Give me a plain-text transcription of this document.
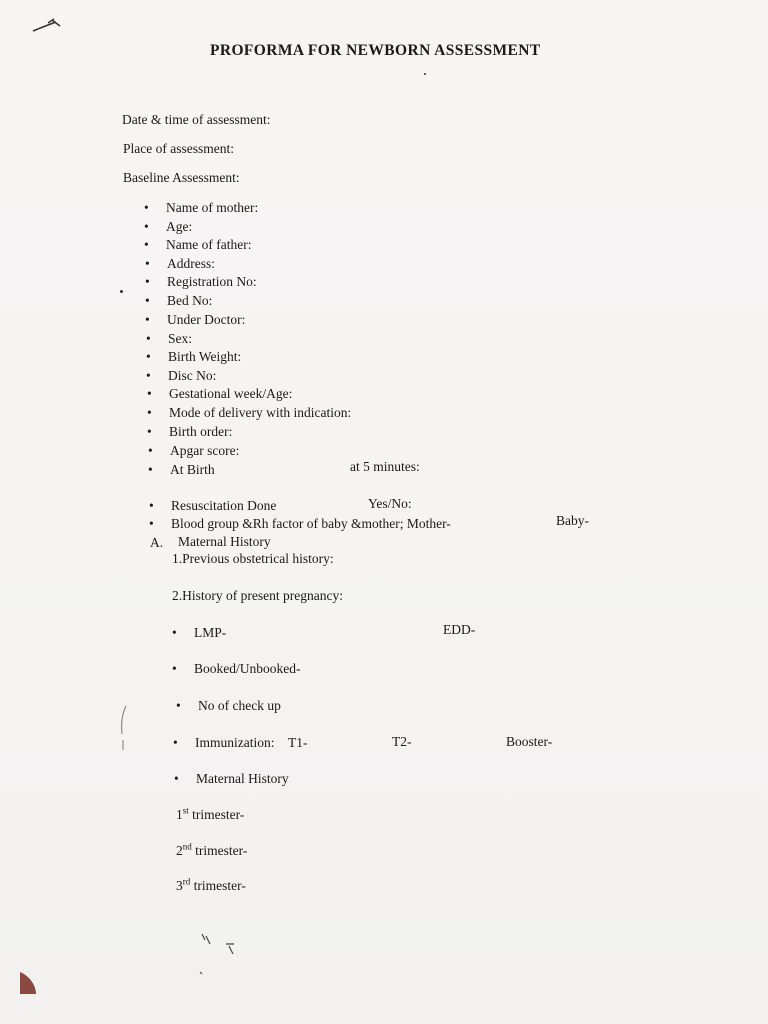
PROFORMA FOR NEWBORN ASSESSMENT
Date & time of assessment:
Place of assessment:
Baseline Assessment:
• Name of mother:
• Age:
• Name of father:
• Address:
• Registration No:
• Bed No:
• Under Doctor:
• Sex:
• Birth Weight:
• Disc No:
• Gestational week/Age:
• Mode of delivery with indication:
• Birth order:
• Apgar score:
• At Birth	at 5 minutes:
• Resuscitation Done	Yes/No:
• Blood group &Rh factor of baby &mother; Mother-	Baby-
A. Maternal History
1.Previous obstetrical history:
2.History of present pregnancy:
• LMP-	EDD-
• Booked/Unbooked-
• No of check up
• Immunization: T1-	T2-	Booster-
• Maternal History
1st trimester-
2nd trimester-
3rd trimester-
